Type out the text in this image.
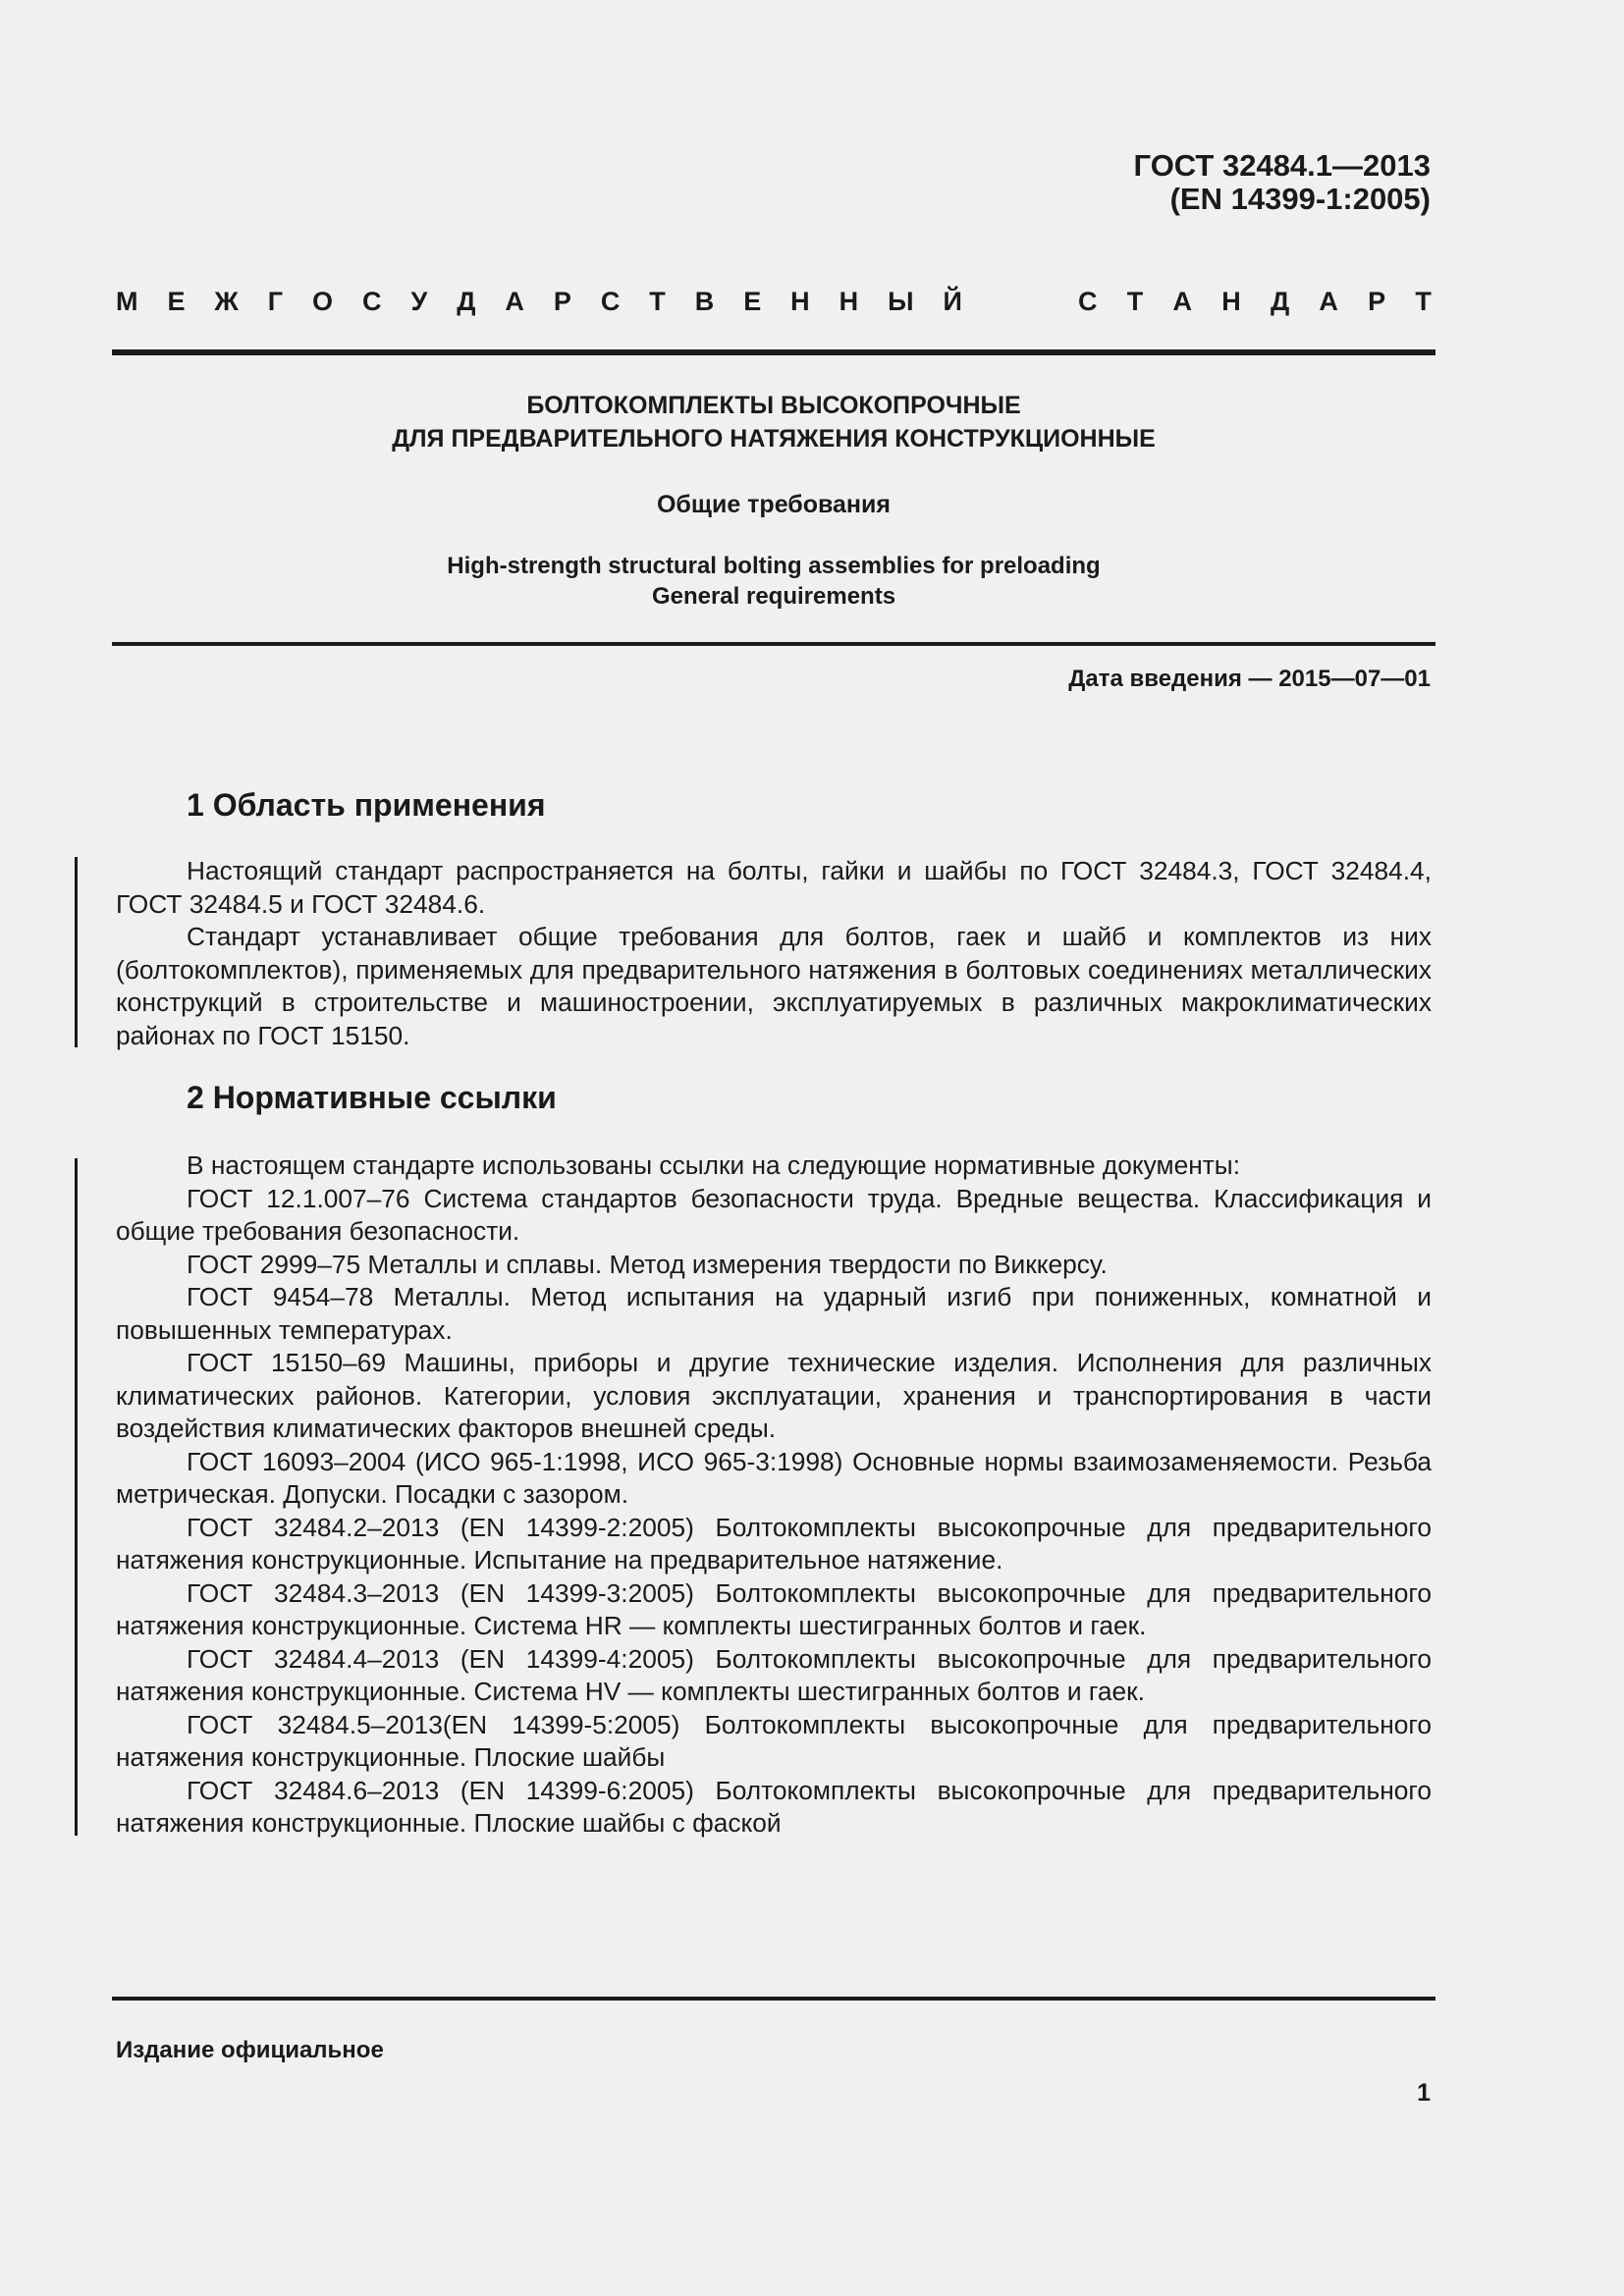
ГОСТ 32484.1—2013
(EN 14399-1:2005)
М Е Ж Г О С У Д А Р С Т В Е Н Н Ы Й	С Т А Н Д А Р Т
БОЛТОКОМПЛЕКТЫ ВЫСОКОПРОЧНЫЕ
ДЛЯ ПРЕДВАРИТЕЛЬНОГО НАТЯЖЕНИЯ КОНСТРУКЦИОННЫЕ
Общие требования
High-strength structural bolting assemblies for preloading
General requirements
Дата введения — 2015—07—01
1 Область применения

Настоящий стандарт распространяется на болты, гайки и шайбы по ГОСТ 32484.3, ГОСТ 32484.4, ГОСТ 32484.5 и ГОСТ 32484.6.

Стандарт устанавливает общие требования для болтов, гаек и шайб и комплектов из них (болтокомплектов), применяемых для предварительного натяжения в болтовых соединениях металлических конструкций в строительстве и машиностроении, эксплуатируемых в различных макроклиматических районах по ГОСТ 15150.

2 Нормативные ссылки

В настоящем стандарте использованы ссылки на следующие нормативные документы:

ГОСТ 12.1.007–76 Система стандартов безопасности труда. Вредные вещества. Классификация и общие требования безопасности.

ГОСТ 2999–75 Металлы и сплавы. Метод измерения твердости по Виккерсу.

ГОСТ 9454–78 Металлы. Метод испытания на ударный изгиб при пониженных, комнатной и повышенных температурах.

ГОСТ 15150–69 Машины, приборы и другие технические изделия. Исполнения для различных климатических районов. Категории, условия эксплуатации, хранения и транспортирования в части воздействия климатических факторов внешней среды.

ГОСТ 16093–2004 (ИСО 965-1:1998, ИСО 965-3:1998) Основные нормы взаимозаменяемости. Резьба метрическая. Допуски. Посадки с зазором.

ГОСТ 32484.2–2013 (EN 14399-2:2005) Болтокомплекты высокопрочные для предварительного натяжения конструкционные. Испытание на предварительное натяжение.

ГОСТ 32484.3–2013 (EN 14399-3:2005) Болтокомплекты высокопрочные для предварительного натяжения конструкционные. Система HR — комплекты шестигранных болтов и гаек.

ГОСТ 32484.4–2013 (EN 14399-4:2005) Болтокомплекты высокопрочные для предварительного натяжения конструкционные. Система HV — комплекты шестигранных болтов и гаек.

ГОСТ 32484.5–2013(EN 14399-5:2005) Болтокомплекты высокопрочные для предварительного натяжения конструкционные. Плоские шайбы

ГОСТ 32484.6–2013 (EN 14399-6:2005) Болтокомплекты высокопрочные для предварительного натяжения конструкционные. Плоские шайбы с фаской

Издание официальное
1
